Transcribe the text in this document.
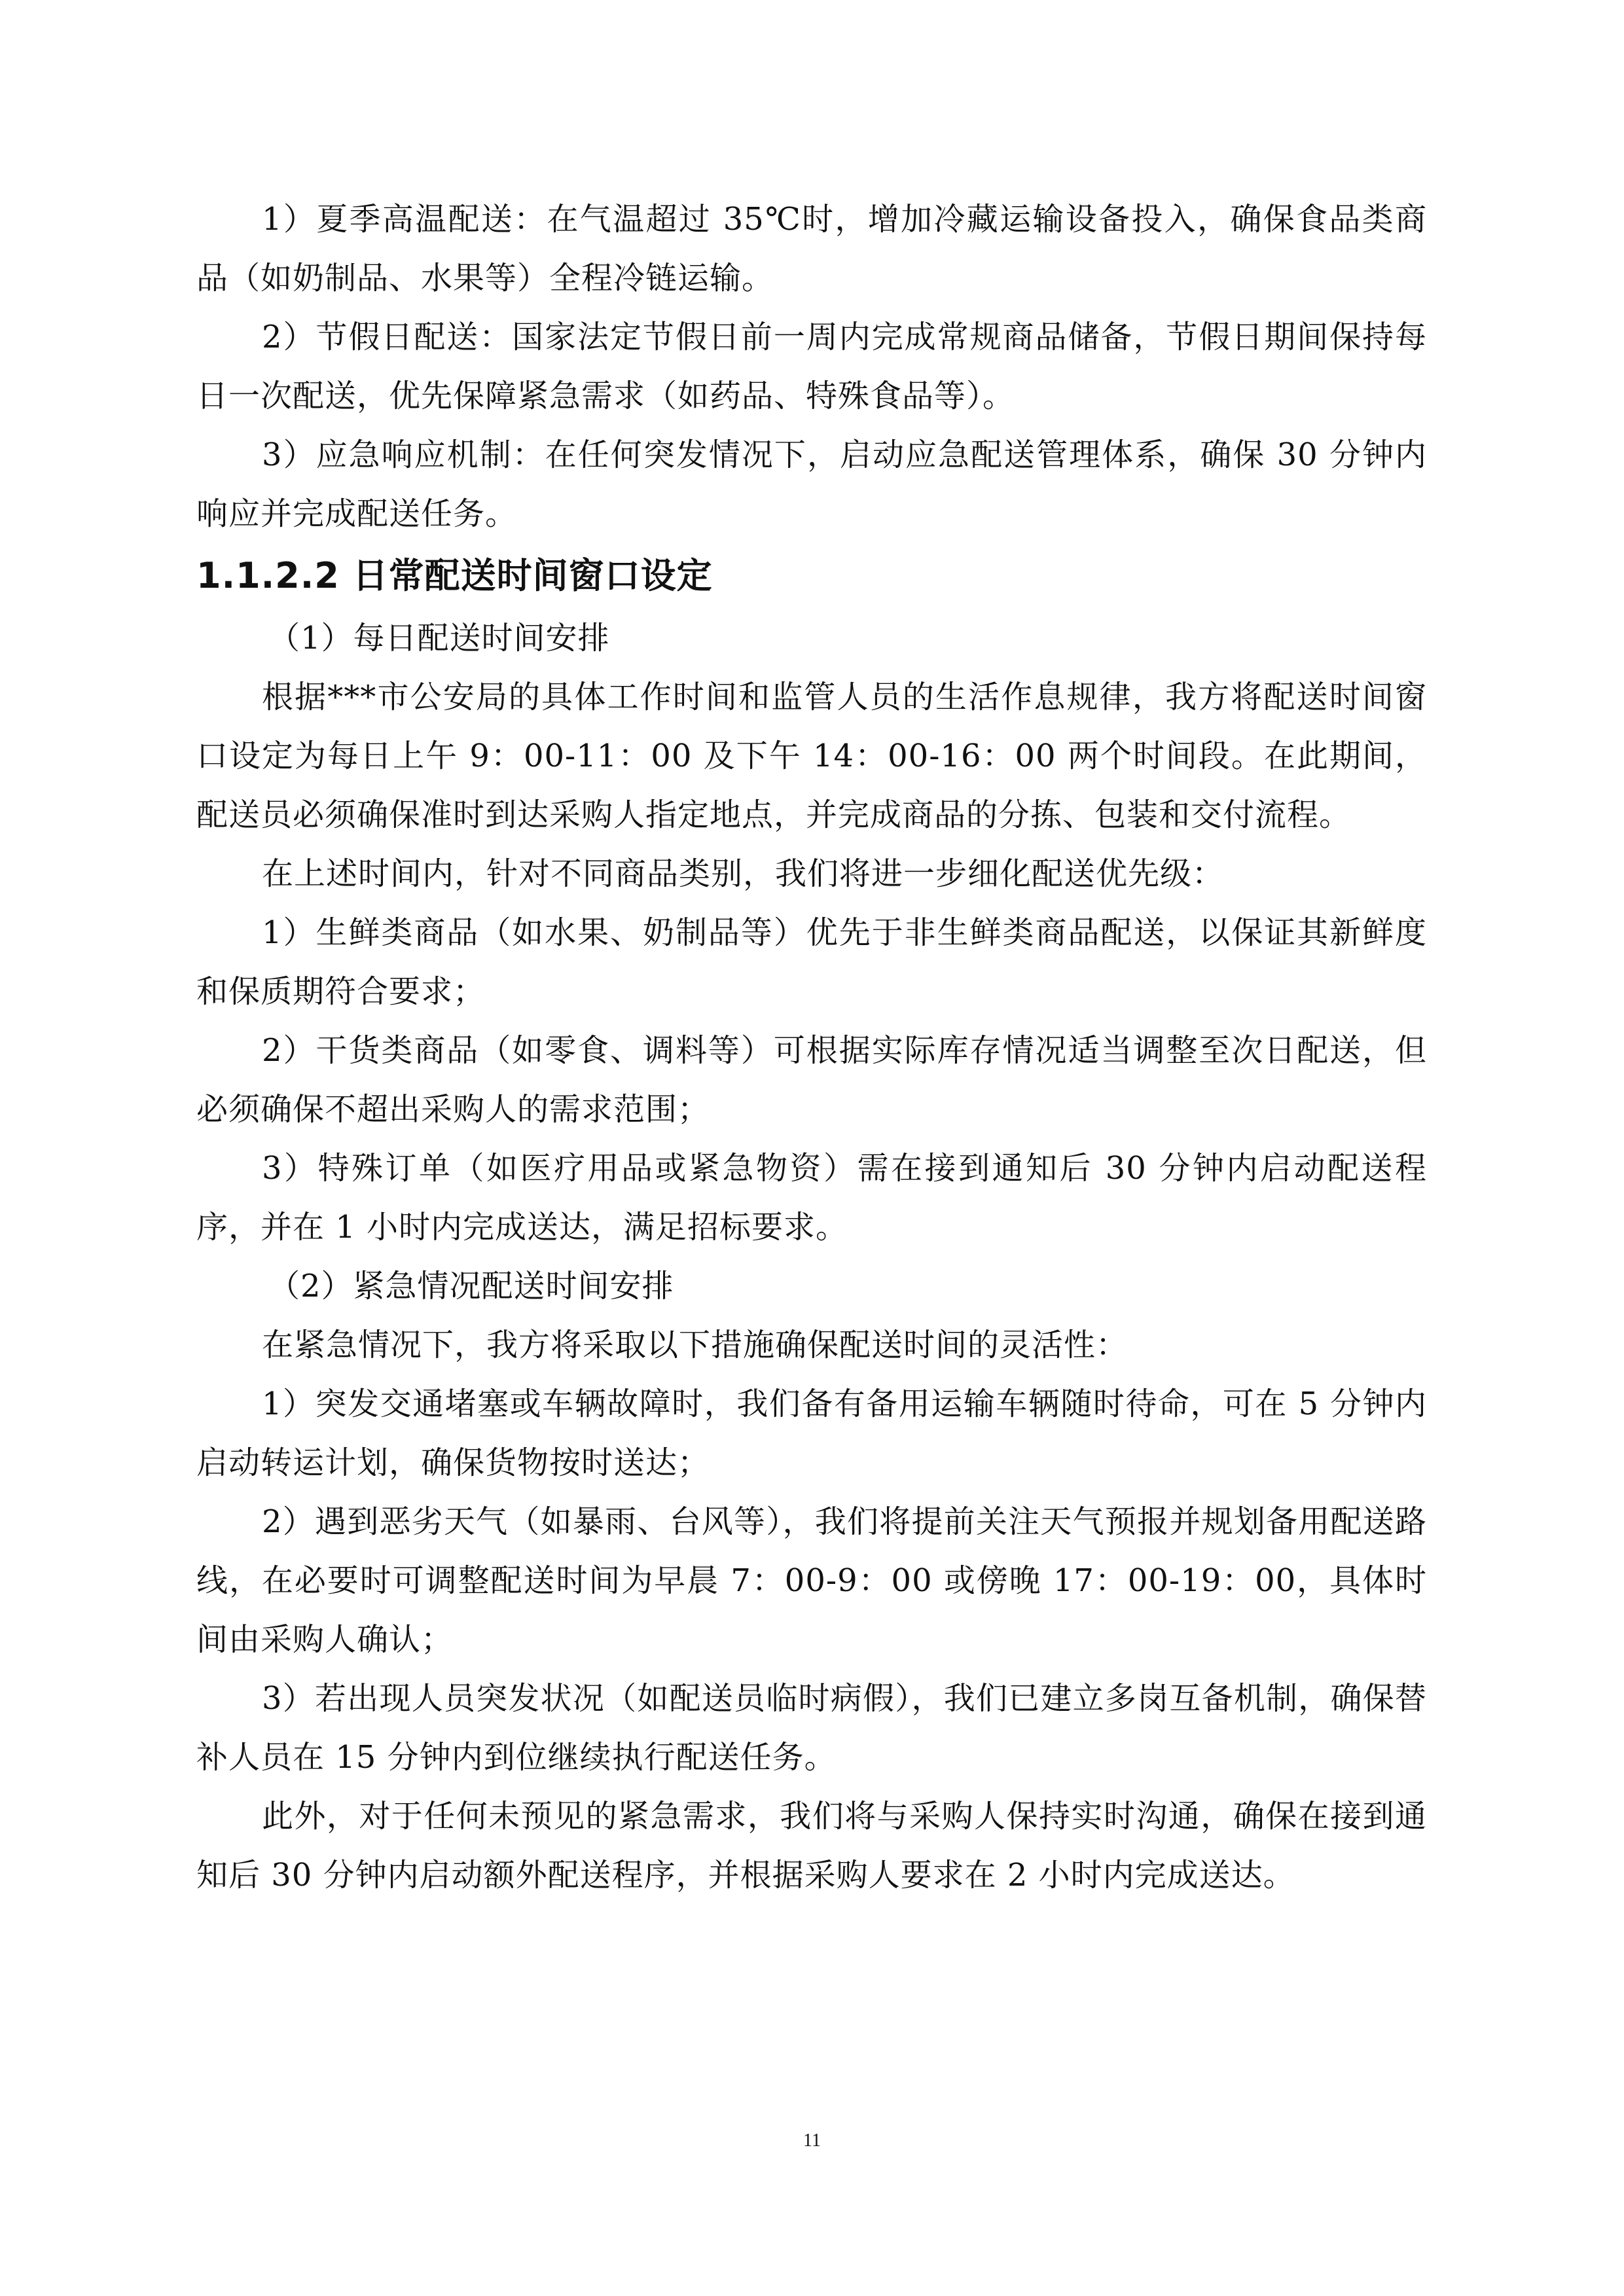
1）夏季高温配送：在气温超过 35℃时，增加冷藏运输设备投入，确保食品类商品（如奶制品、水果等）全程冷链运输。

2）节假日配送：国家法定节假日前一周内完成常规商品储备，节假日期间保持每日一次配送，优先保障紧急需求（如药品、特殊食品等）。

3）应急响应机制：在任何突发情况下，启动应急配送管理体系，确保 30 分钟内响应并完成配送任务。

1.1.2.2 日常配送时间窗口设定

（1）每日配送时间安排

根据***市公安局的具体工作时间和监管人员的生活作息规律，我方将配送时间窗口设定为每日上午 9：00-11：00 及下午 14：00-16：00 两个时间段。在此期间，配送员必须确保准时到达采购人指定地点，并完成商品的分拣、包装和交付流程。

在上述时间内，针对不同商品类别，我们将进一步细化配送优先级：

1）生鲜类商品（如水果、奶制品等）优先于非生鲜类商品配送，以保证其新鲜度和保质期符合要求；

2）干货类商品（如零食、调料等）可根据实际库存情况适当调整至次日配送，但必须确保不超出采购人的需求范围；

3）特殊订单（如医疗用品或紧急物资）需在接到通知后 30 分钟内启动配送程序，并在 1 小时内完成送达，满足招标要求。

（2）紧急情况配送时间安排

在紧急情况下，我方将采取以下措施确保配送时间的灵活性：

1）突发交通堵塞或车辆故障时，我们备有备用运输车辆随时待命，可在 5 分钟内启动转运计划，确保货物按时送达；

2）遇到恶劣天气（如暴雨、台风等），我们将提前关注天气预报并规划备用配送路线，在必要时可调整配送时间为早晨 7：00-9：00 或傍晚 17：00-19：00，具体时间由采购人确认；

3）若出现人员突发状况（如配送员临时病假），我们已建立多岗互备机制，确保替补人员在 15 分钟内到位继续执行配送任务。

此外，对于任何未预见的紧急需求，我们将与采购人保持实时沟通，确保在接到通知后 30 分钟内启动额外配送程序，并根据采购人要求在 2 小时内完成送达。

11
